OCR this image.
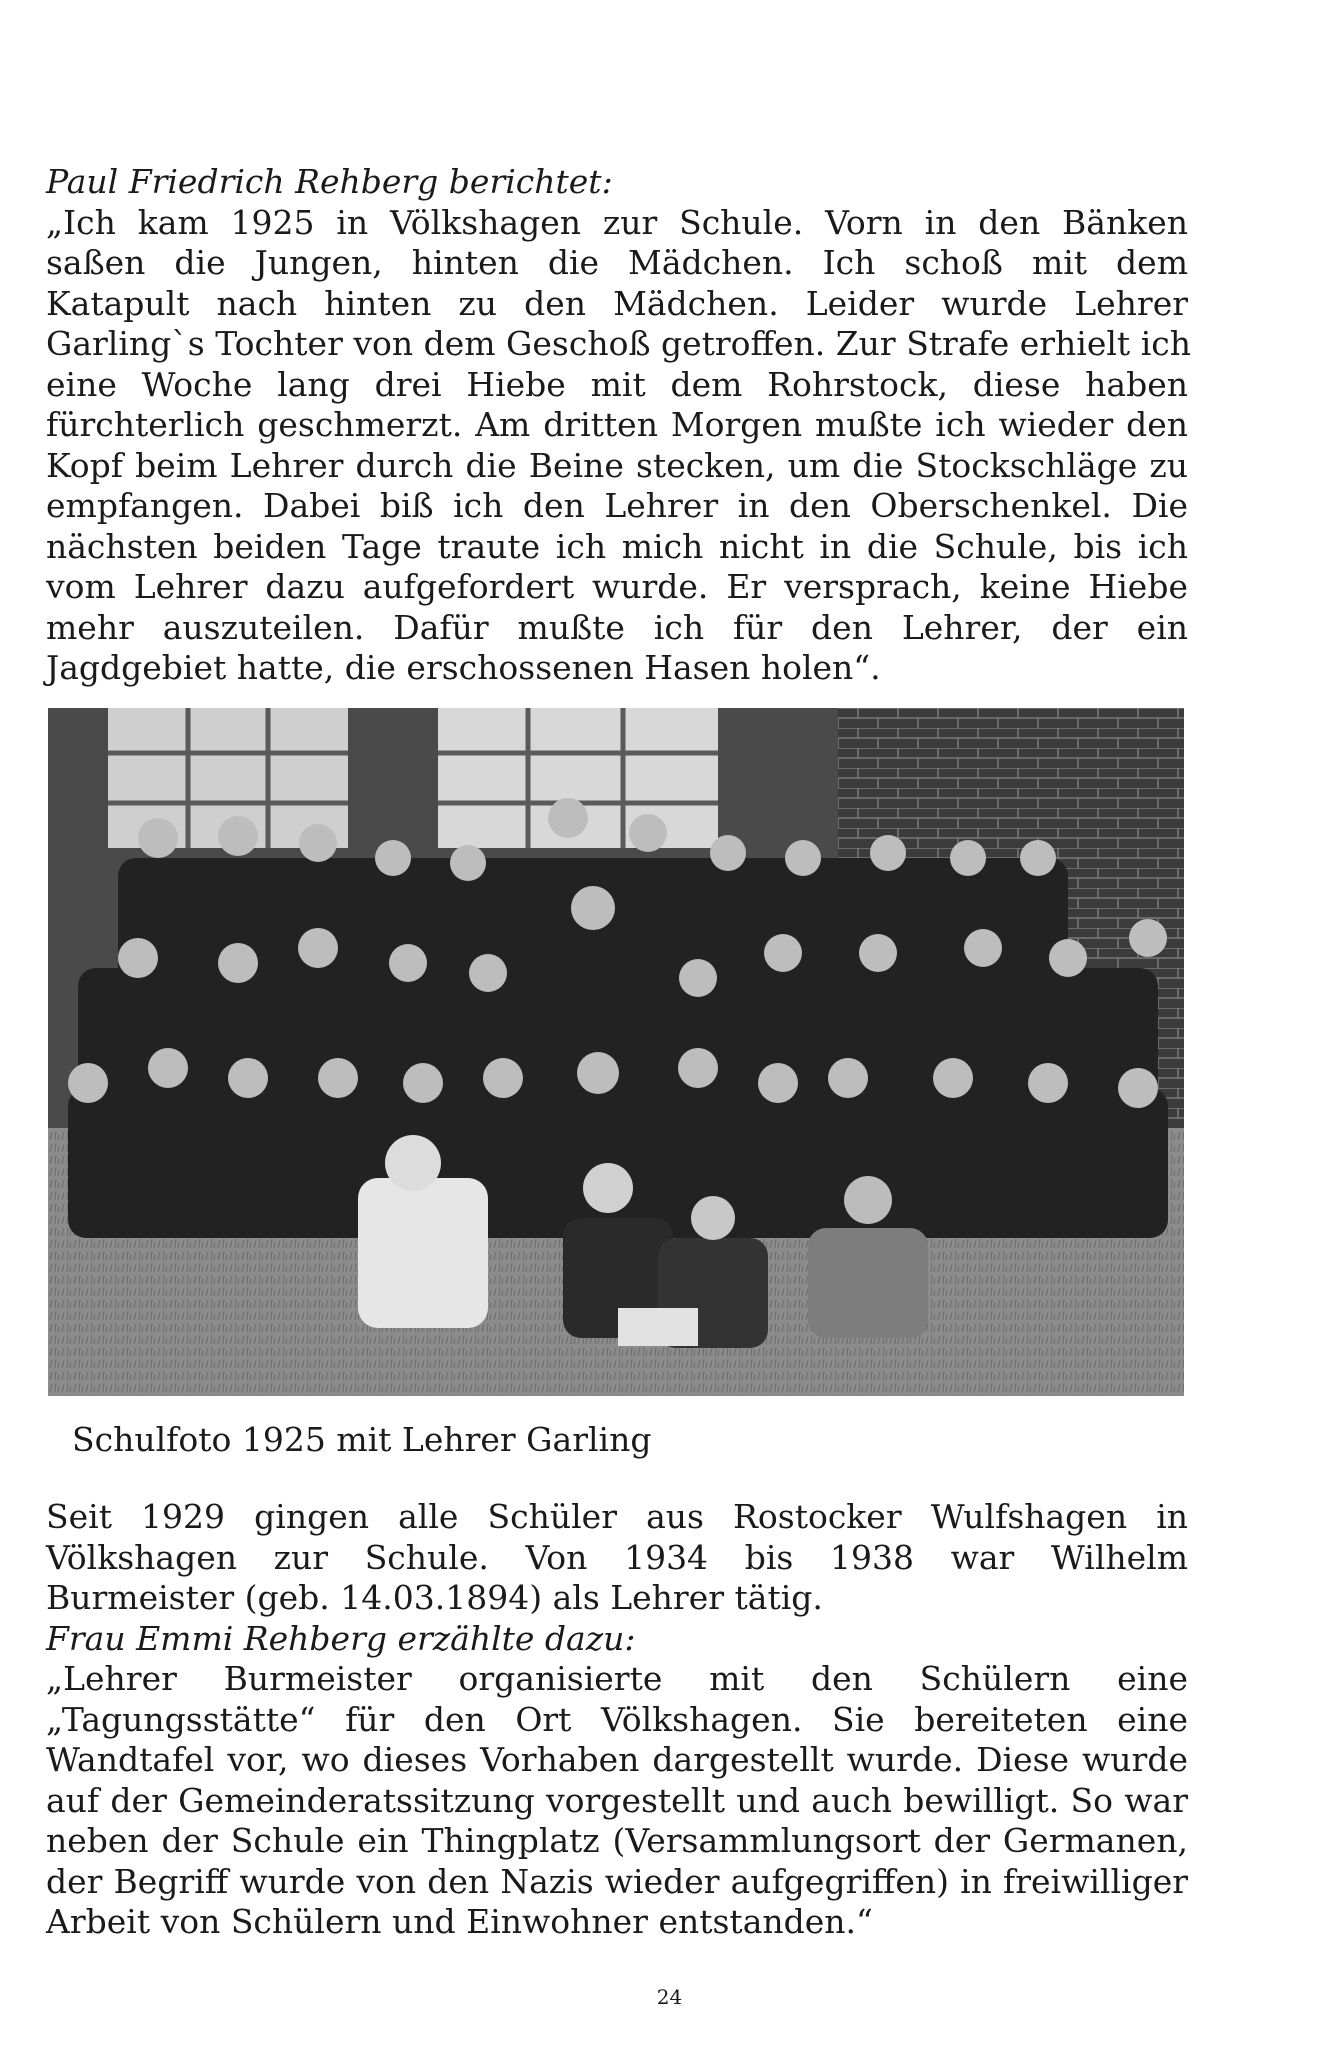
Paul Friedrich Rehberg berichtet:
„Ich kam 1925 in Völkshagen zur Schule. Vorn in den Bänken
saßen die Jungen, hinten die Mädchen. Ich schoß mit dem
Katapult nach hinten zu den Mädchen. Leider wurde Lehrer
Garling`s Tochter von dem Geschoß getroffen. Zur Strafe erhielt ich
eine Woche lang drei Hiebe mit dem Rohrstock, diese haben
fürchterlich geschmerzt. Am dritten Morgen mußte ich wieder den
Kopf beim Lehrer durch die Beine stecken, um die Stockschläge zu
empfangen. Dabei biß ich den Lehrer in den Oberschenkel. Die
nächsten beiden Tage traute ich mich nicht in die Schule, bis ich
vom Lehrer dazu aufgefordert wurde. Er versprach, keine Hiebe
mehr auszuteilen. Dafür mußte ich für den Lehrer, der ein
Jagdgebiet hatte, die erschossenen Hasen holen“.
Schulfoto 1925 mit Lehrer Garling
Seit 1929 gingen alle Schüler aus Rostocker Wulfshagen in
Völkshagen zur Schule. Von 1934 bis 1938 war Wilhelm
Burmeister (geb. 14.03.1894) als Lehrer tätig.
Frau Emmi Rehberg erzählte dazu:
„Lehrer Burmeister organisierte mit den Schülern eine
„Tagungsstätte“ für den Ort Völkshagen. Sie bereiteten eine
Wandtafel vor, wo dieses Vorhaben dargestellt wurde. Diese wurde
auf der Gemeinderatssitzung vorgestellt und auch bewilligt. So war
neben der Schule ein Thingplatz (Versammlungsort der Germanen,
der Begriff wurde von den Nazis wieder aufgegriffen) in freiwilliger
Arbeit von Schülern und Einwohner entstanden.“
24
